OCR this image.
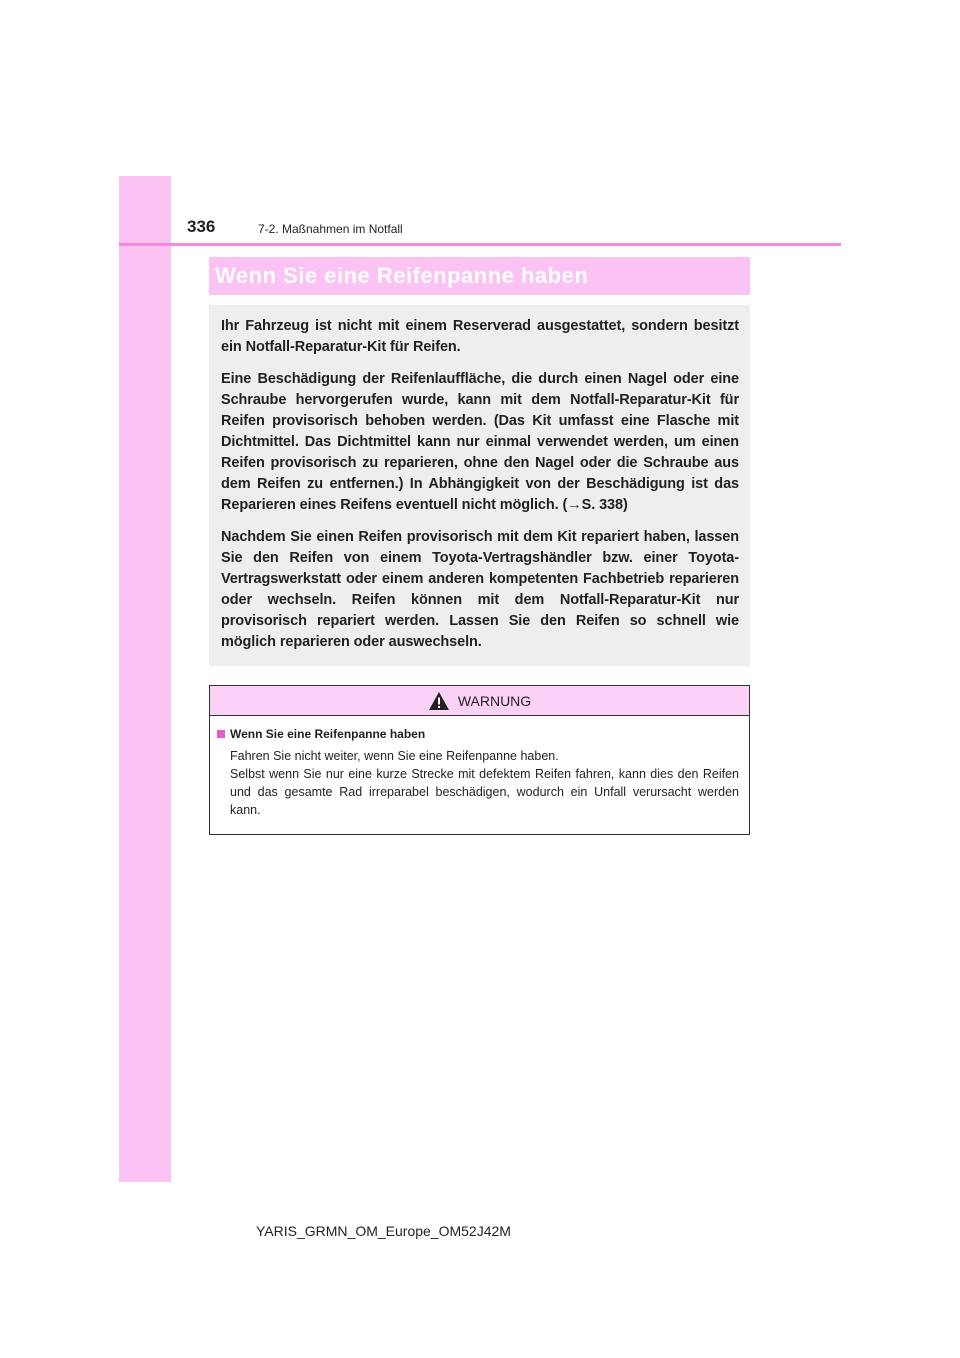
336	7-2. Maßnahmen im Notfall
Wenn Sie eine Reifenpanne haben

Ihr Fahrzeug ist nicht mit einem Reserverad ausgestattet, sondern besitzt ein Notfall-Reparatur-Kit für Reifen.

Eine Beschädigung der Reifenlauffläche, die durch einen Nagel oder eine Schraube hervorgerufen wurde, kann mit dem Notfall-Reparatur-Kit für Reifen provisorisch behoben werden. (Das Kit umfasst eine Flasche mit Dichtmittel. Das Dichtmittel kann nur einmal verwendet werden, um einen Reifen provisorisch zu reparieren, ohne den Nagel oder die Schraube aus dem Reifen zu entfernen.) In Abhängigkeit von der Beschädigung ist das Reparieren eines Reifens eventuell nicht möglich. (→S. 338)

Nachdem Sie einen Reifen provisorisch mit dem Kit repariert haben, lassen Sie den Reifen von einem Toyota-Vertragshändler bzw. einer Toyota-Vertragswerkstatt oder einem anderen kompetenten Fachbetrieb reparieren oder wechseln. Reifen können mit dem Notfall-Reparatur-Kit nur provisorisch repariert werden. Lassen Sie den Reifen so schnell wie möglich reparieren oder auswechseln.

WARNUNG
Wenn Sie eine Reifenpanne haben

Fahren Sie nicht weiter, wenn Sie eine Reifenpanne haben.

Selbst wenn Sie nur eine kurze Strecke mit defektem Reifen fahren, kann dies den Reifen und das gesamte Rad irreparabel beschädigen, wodurch ein Unfall verursacht werden kann.

YARIS_GRMN_OM_Europe_OM52J42M
